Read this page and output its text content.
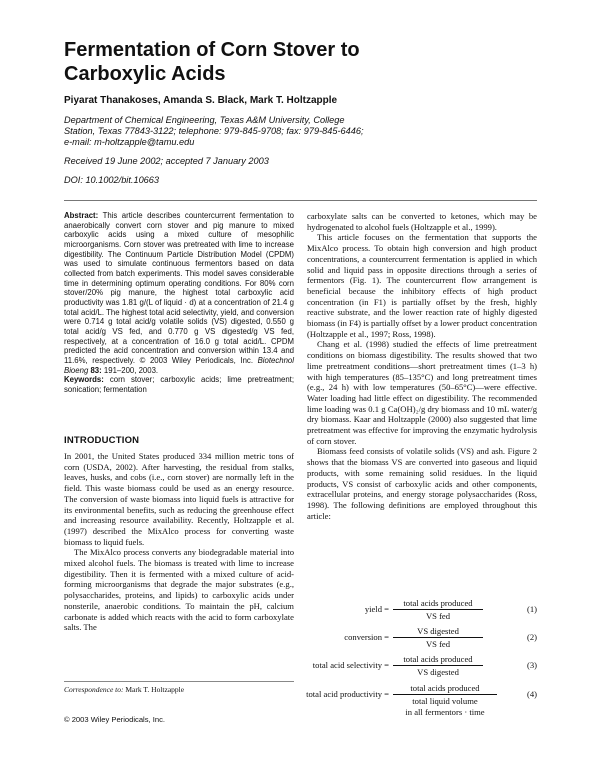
Fermentation of Corn Stover to
Carboxylic Acids
Piyarat Thanakoses, Amanda S. Black, Mark T. Holtzapple
Department of Chemical Engineering, Texas A&M University, College
Station, Texas 77843-3122; telephone: 979-845-9708; fax: 979-845-6446;
e-mail: m-holtzapple@tamu.edu
Received 19 June 2002; accepted 7 January 2003
DOI: 10.1002/bit.10663
Abstract: This article describes countercurrent fermentation to anaerobically convert corn stover and pig manure to mixed carboxylic acids using a mixed culture of mesophilic microorganisms. Corn stover was pretreated with lime to increase digestibility. The Continuum Particle Distribution Model (CPDM) was used to simulate continuous fermentors based on data collected from batch experiments. This model saves considerable time in determining optimum operating conditions. For 80% corn stover/20% pig manure, the highest total carboxylic acid productivity was 1.81 g/(L of liquid · d) at a concentration of 21.4 g total acid/L. The highest total acid selectivity, yield, and conversion were 0.714 g total acid/g volatile solids (VS) digested, 0.550 g total acid/g VS fed, and 0.770 g VS digested/g VS fed, respectively, at a concentration of 16.0 g total acid/L. CPDM predicted the acid concentration and conversion within 13.4 and 11.6%, respectively. © 2003 Wiley Periodicals, Inc. Biotechnol Bioeng 83: 191–200, 2003.
Keywords: corn stover; carboxylic acids; lime pretreatment; sonication; fermentation
INTRODUCTION

In 2001, the United States produced 334 million metric tons of corn (USDA, 2002). After harvesting, the residual from stalks, leaves, husks, and cobs (i.e., corn stover) are normally left in the field. This waste biomass could be used as an energy resource. The conversion of waste biomass into liquid fuels is attractive for its environmental benefits, such as reducing the greenhouse effect and increasing resource availability. Recently, Holtzapple et al. (1997) described the MixAlco process for converting waste biomass to liquid fuels.

The MixAlco process converts any biodegradable material into mixed alcohol fuels. The biomass is treated with lime to increase digestibility. Then it is fermented with a mixed culture of acid-forming microorganisms that degrade the major substrates (e.g., polysaccharides, proteins, and lipids) to carboxylic acids under nonsterile, anaerobic conditions. To maintain the pH, calcium carbonate is added which reacts with the acid to form carboxylate salts. The

carboxylate salts can be converted to ketones, which may be hydrogenated to alcohol fuels (Holtzapple et al., 1999).

This article focuses on the fermentation that supports the MixAlco process. To obtain high conversion and high product concentrations, a countercurrent fermentation is applied in which solid and liquid pass in opposite directions through a series of fermentors (Fig. 1). The countercurrent flow arrangement is beneficial because the inhibitory effects of high product concentration (in F1) is partially offset by the fresh, highly reactive substrate, and the lower reaction rate of highly digested biomass (in F4) is partially offset by a lower product concentration (Holtzapple et al., 1997; Ross, 1998).

Chang et al. (1998) studied the effects of lime pretreatment conditions on biomass digestibility. The results showed that two lime pretreatment conditions—short pretreatment times (1–3 h) with high temperatures (85–135°C) and long pretreatment times (e.g., 24 h) with low temperatures (50–65°C)—were effective. Water loading had little effect on digestibility. The recommended lime loading was 0.1 g Ca(OH)₂/g dry biomass and 10 mL water/g dry biomass. Kaar and Holtzapple (2000) also suggested that lime pretreatment was effective for improving the enzymatic hydrolysis of corn stover.

Biomass feed consists of volatile solids (VS) and ash. Figure 2 shows that the biomass VS are converted into gaseous and liquid products, with some remaining solid residues. In the liquid products, VS consist of carboxylic acids and other components, extracellular proteins, and energy storage polysaccharides (Ross, 1998). The following definitions are employed throughout this article:

yield =
total acids produced
VS fed
(1)
conversion =
VS digested
VS fed
(2)
total acid selectivity =
total acids produced
VS digested
(3)
total acid productivity =
total acids produced
total liquid volume
in all fermentors · time
(4)
Correspondence to: Mark T. Holtzapple
© 2003 Wiley Periodicals, Inc.
